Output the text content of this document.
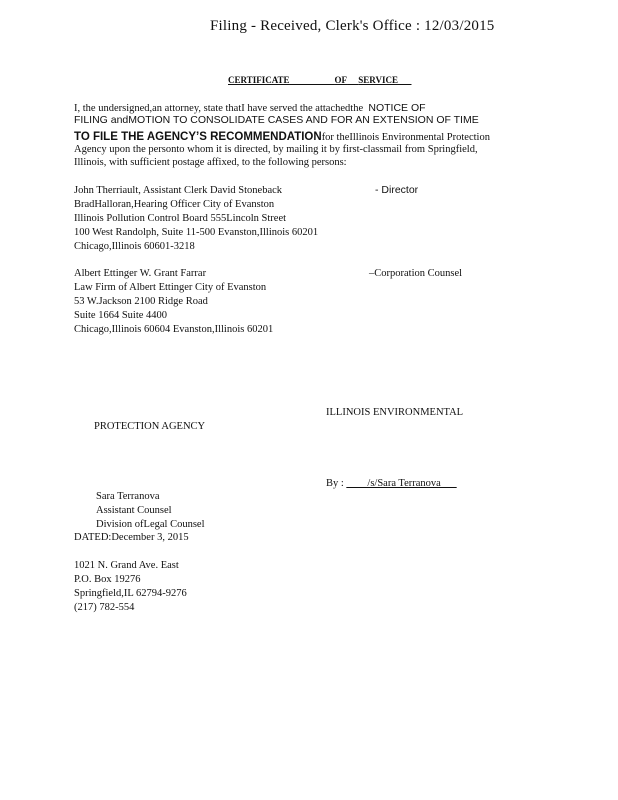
Filing - Received, Clerk's Office : 12/03/2015
CERTIFICATE	OF SERVICE
I, the undersigned,an attorney, state thatI have served the attachedthe NOTICE OF
FILING andMOTION TO CONSOLIDATE CASES AND FOR AN EXTENSION OF TIME
TO FILE THE AGENCY’S RECOMMENDATIONfor theIllinois Environmental Protection
Agency upon the personto whom it is directed, by mailing it by first-classmail from Springfield,
Illinois, with sufficient postage affixed, to the following persons:
John Therriault, Assistant Clerk David Stoneback
BradHalloran,Hearing Officer City of Evanston
Illinois Pollution Control Board 555Lincoln Street
100 West Randolph, Suite 11-500 Evanston,Illinois 60201
Chicago,Illinois 60601-3218
- Director
Albert Ettinger W. Grant Farrar
Law Firm of Albert Ettinger City of Evanston
53 W.Jackson 2100 Ridge Road
Suite 1664 Suite 4400
Chicago,Illinois 60604 Evanston,Illinois 60201
–Corporation Counsel
ILLINOIS ENVIRONMENTAL
PROTECTION AGENCY
By : ____/s/Sara Terranova___
Sara Terranova
Assistant Counsel
Division ofLegal Counsel
DATED:December 3, 2015
1021 N. Grand Ave. East
P.O. Box 19276
Springfield,IL 62794-9276
(217) 782-554
